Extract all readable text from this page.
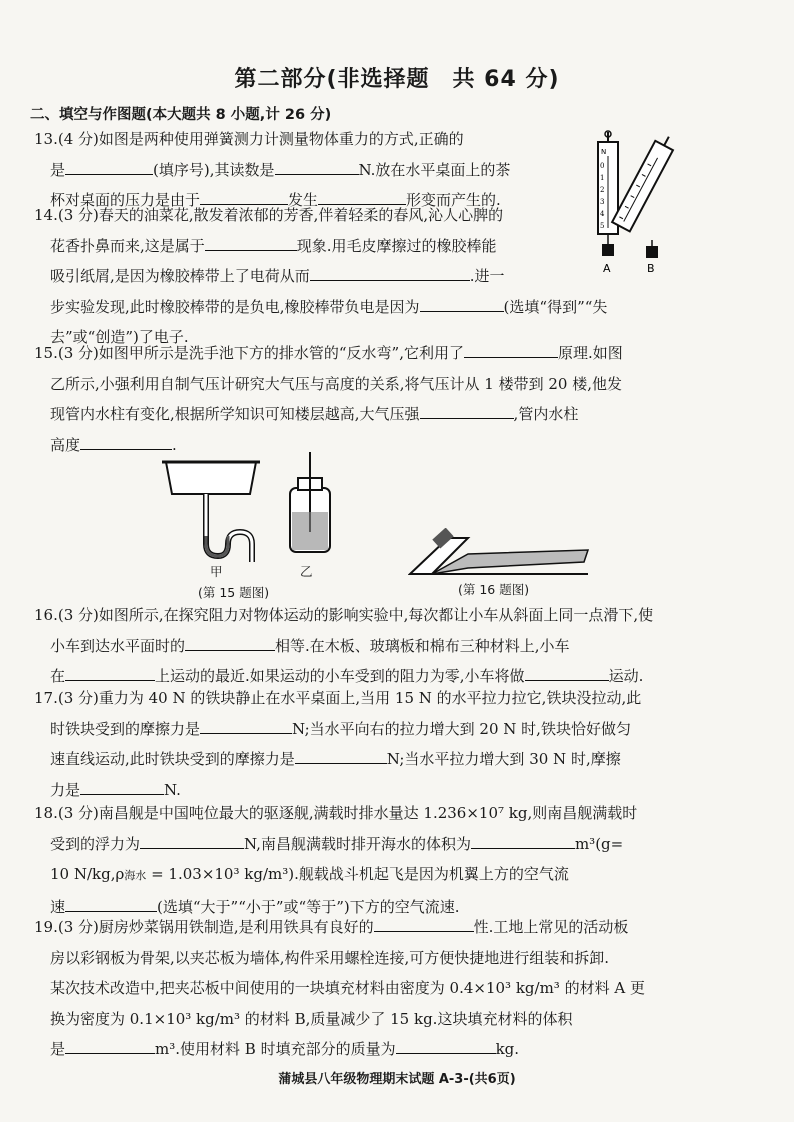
第二部分(非选择题　共 64 分)
二、填空与作图题(本大题共 8 小题,计 26 分)

13.(4 分)如图是两种使用弹簧测力计测量物体重力的方式,正确的

是	(填序号),其读数是	N.放在水平桌面上的茶

杯对桌面的压力是由于	发生	形变而产生的.

14.(3 分)春天的油菜花,散发着浓郁的芳香,伴着轻柔的春风,沁人心脾的

花香扑鼻而来,这是属于	现象.用毛皮摩擦过的橡胶棒能

吸引纸屑,是因为橡胶棒带上了电荷从而	.进一

步实验发现,此时橡胶棒带的是负电,橡胶棒带负电是因为	(选填“得到”“失

去”或“创造”)了电子.

N
0
1
2
3
4
5
A	B

15.(3 分)如图甲所示是洗手池下方的排水管的“反水弯”,它利用了	原理.如图

乙所示,小强利用自制气压计研究大气压与高度的关系,将气压计从 1 楼带到 20 楼,他发

现管内水柱有变化,根据所学知识可知楼层越高,大气压强	,管内水柱

高度	.

甲	乙
(第 15 题图)	(第 16 题图)

16.(3 分)如图所示,在探究阻力对物体运动的影响实验中,每次都让小车从斜面上同一点滑下,使

小车到达水平面时的	相等.在木板、玻璃板和棉布三种材料上,小车

在	上运动的最近.如果运动的小车受到的阻力为零,小车将做	运动.

17.(3 分)重力为 40 N 的铁块静止在水平桌面上,当用 15 N 的水平拉力拉它,铁块没拉动,此

时铁块受到的摩擦力是	N;当水平向右的拉力增大到 20 N 时,铁块恰好做匀

速直线运动,此时铁块受到的摩擦力是	N;当水平拉力增大到 30 N 时,摩擦

力是	N.

18.(3 分)南昌舰是中国吨位最大的驱逐舰,满载时排水量达 1.236×10⁷ kg,则南昌舰满载时

受到的浮力为	N,南昌舰满载时排开海水的体积为	m³(g=

10 N/kg,ρ海水 = 1.03×10³ kg/m³).舰载战斗机起飞是因为机翼上方的空气流

速	(选填“大于”“小于”或“等于”)下方的空气流速.

19.(3 分)厨房炒菜锅用铁制造,是利用铁具有良好的	性.工地上常见的活动板

房以彩钢板为骨架,以夹芯板为墙体,构件采用螺栓连接,可方便快捷地进行组装和拆卸.

某次技术改造中,把夹芯板中间使用的一块填充材料由密度为 0.4×10³ kg/m³ 的材料 A 更

换为密度为 0.1×10³ kg/m³ 的材料 B,质量减少了 15 kg.这块填充材料的体积

是	m³.使用材料 B 时填充部分的质量为	kg.

蒲城县八年级物理期末试题 A-3-(共6页)
